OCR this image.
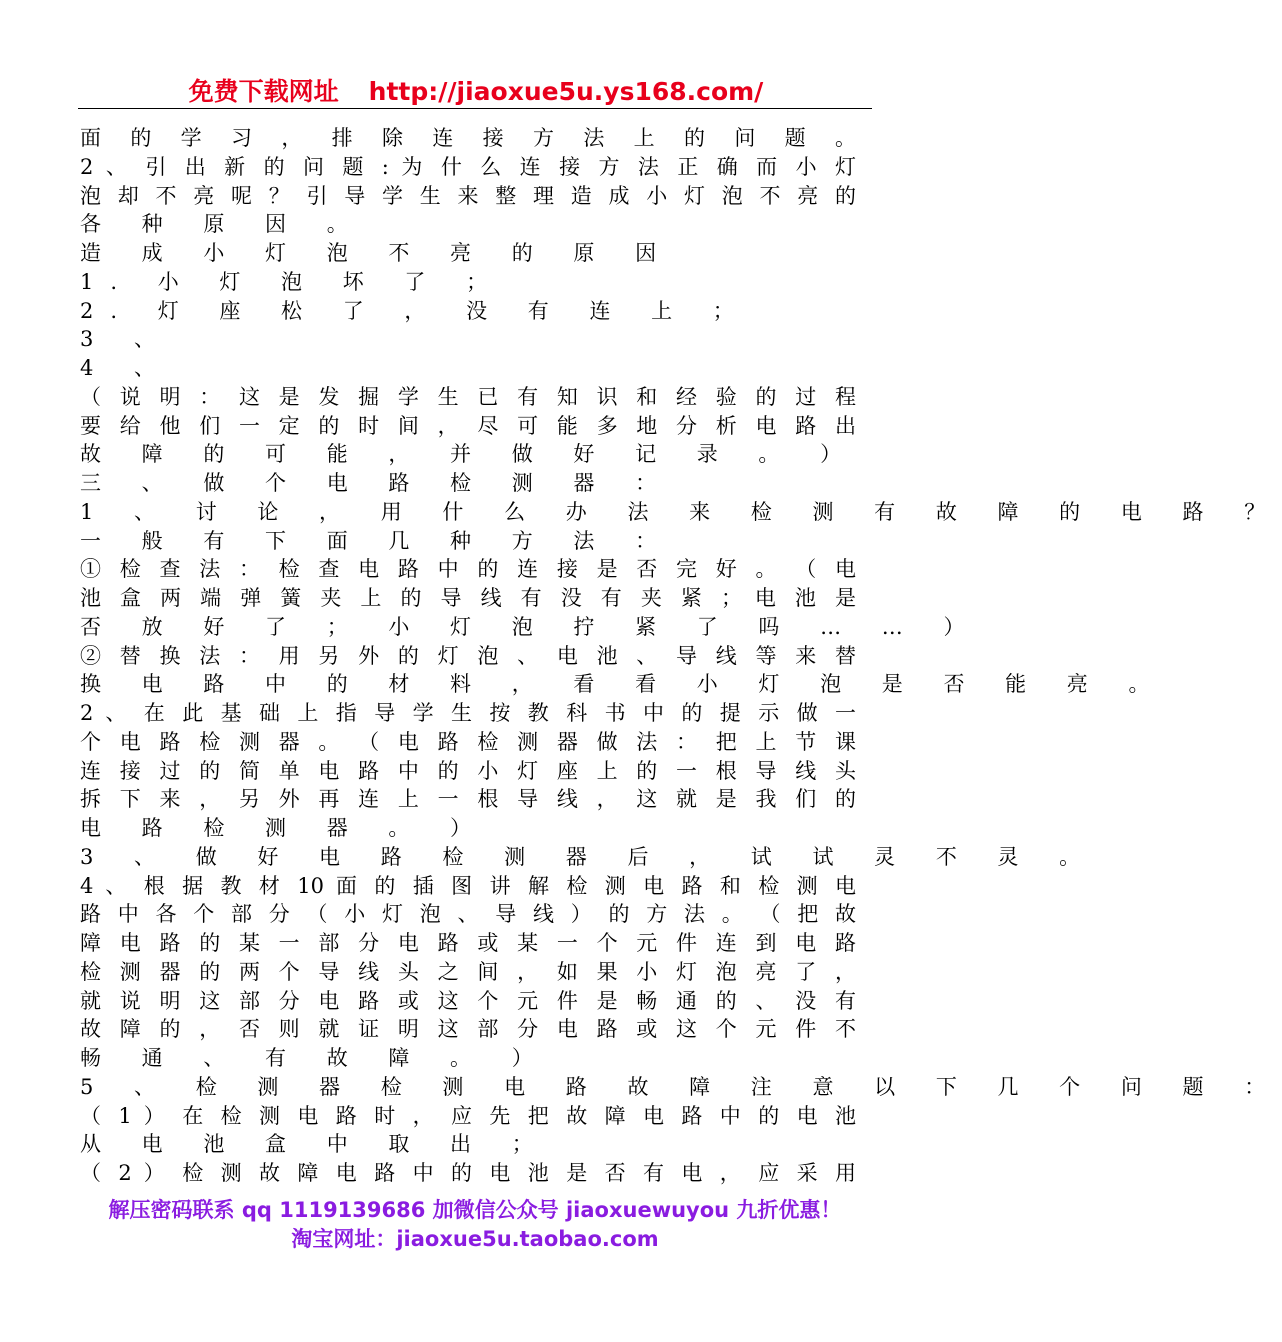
免费下载网址 http://jiaoxue5u.ys168.com/
面 的 学 习 ， 排 除 连 接 方 法 上 的 问 题 。
2 、 引 出 新 的 问 题 : 为 什 么 连 接 方 法 正 确 而 小 灯
泡 却 不 亮 呢 ？ 引 导 学 生 来 整 理 造 成 小 灯 泡 不 亮 的
各 种 原 因 。
造 成 小 灯 泡 不 亮 的 原 因
1. 小 灯 泡 坏 了 ；
2. 灯 座 松 了 ， 没 有 连 上 ；
3 、
4 、
（ 说 明 ： 这 是 发 掘 学 生 已 有 知 识 和 经 验 的 过 程
要 给 他 们 一 定 的 时 间 ， 尽 可 能 多 地 分 析 电 路 出
故 障 的 可 能 ， 并 做 好 记 录 。 ）
三 、 做 个 电 路 检 测 器 ：
1 、 讨 论 ， 用 什 么 办 法 来 检 测 有 故 障 的 电 路 ？
一 般 有 下 面 几 种 方 法 ：
① 检 查 法 ： 检 查 电 路 中 的 连 接 是 否 完 好 。 （ 电
池 盒 两 端 弹 簧 夹 上 的 导 线 有 没 有 夹 紧 ； 电 池 是
否 放 好 了 ； 小 灯 泡 拧 紧 了 吗 … … ）
② 替 换 法 ： 用 另 外 的 灯 泡 、 电 池 、 导 线 等 来 替
换 电 路 中 的 材 料 ， 看 看 小 灯 泡 是 否 能 亮 。
2 、 在 此 基 础 上 指 导 学 生 按 教 科 书 中 的 提 示 做 一
个 电 路 检 测 器 。 （ 电 路 检 测 器 做 法 ： 把 上 节 课
连 接 过 的 简 单 电 路 中 的 小 灯 座 上 的 一 根 导 线 头
拆 下 来 ， 另 外 再 连 上 一 根 导 线 ， 这 就 是 我 们 的
电 路 检 测 器 。 ）
3 、 做 好 电 路 检 测 器 后 ， 试 试 灵 不 灵 。
4 、 根 据 教 材 10 面 的 插 图 讲 解 检 测 电 路 和 检 测 电
路 中 各 个 部 分 （ 小 灯 泡 、 导 线 ） 的 方 法 。 （ 把 故
障 电 路 的 某 一 部 分 电 路 或 某 一 个 元 件 连 到 电 路
检 测 器 的 两 个 导 线 头 之 间 ， 如 果 小 灯 泡 亮 了 ，
就 说 明 这 部 分 电 路 或 这 个 元 件 是 畅 通 的 、 没 有
故 障 的 ， 否 则 就 证 明 这 部 分 电 路 或 这 个 元 件 不
畅 通 、 有 故 障 。 ）
5 、 检 测 器 检 测 电 路 故 障 注 意 以 下 几 个 问 题 ：
（ 1 ） 在 检 测 电 路 时 ， 应 先 把 故 障 电 路 中 的 电 池
从 电 池 盒 中 取 出 ；
（ 2 ） 检 测 故 障 电 路 中 的 电 池 是 否 有 电 ， 应 采 用
解压密码联系 qq 1119139686 加微信公众号 jiaoxuewuyou 九折优惠！
淘宝网址：jiaoxue5u.taobao.com
